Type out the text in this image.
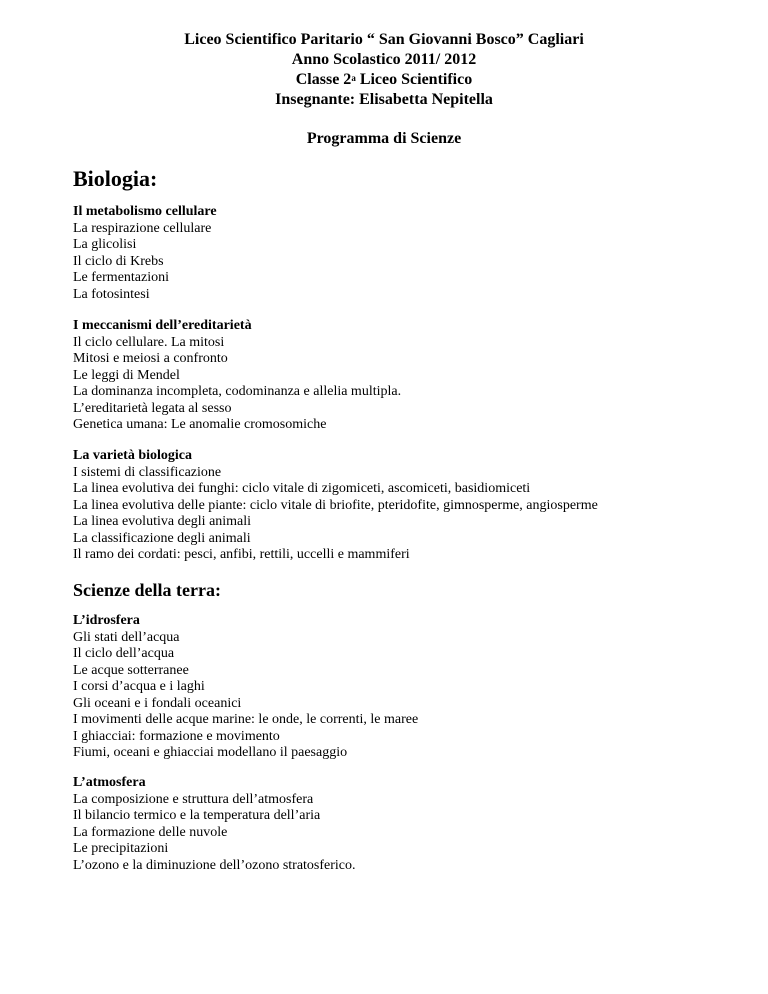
Liceo Scientifico Paritario “ San Giovanni Bosco” Cagliari
Anno Scolastico 2011/ 2012
Classe 2$^a$ Liceo Scientifico
Insegnante: Elisabetta Nepitella
Programma di Scienze
Biologia:
Il metabolismo cellulare
La respirazione cellulare
La glicolisi
Il ciclo di Krebs
Le fermentazioni
La fotosintesi
I meccanismi dell’ereditarietà
Il ciclo cellulare. La mitosi
Mitosi e meiosi a confronto
Le leggi di Mendel
La dominanza incompleta, codominanza e allelia multipla.
L’ereditarietà legata al sesso
Genetica umana: Le anomalie cromosomiche
La varietà biologica
I sistemi di classificazione
La linea evolutiva dei funghi: ciclo vitale di zigomiceti, ascomiceti, basidiomiceti
La linea evolutiva delle piante: ciclo vitale di briofite, pteridofite, gimnosperme, angiosperme
La linea evolutiva degli animali
La classificazione degli animali
Il ramo dei cordati: pesci, anfibi, rettili, uccelli e mammiferi
Scienze della terra:
L’idrosfera
Gli stati dell’acqua
Il ciclo dell’acqua
Le acque sotterranee
I corsi d’acqua e i laghi
Gli oceani e i fondali oceanici
I movimenti delle acque marine: le onde, le correnti, le maree
I ghiacciai: formazione e movimento
Fiumi, oceani e ghiacciai modellano il paesaggio
L’atmosfera
La composizione e struttura dell’atmosfera
Il bilancio termico e la temperatura dell’aria
La formazione delle nuvole
Le precipitazioni
L’ozono e la diminuzione dell’ozono stratosferico.
